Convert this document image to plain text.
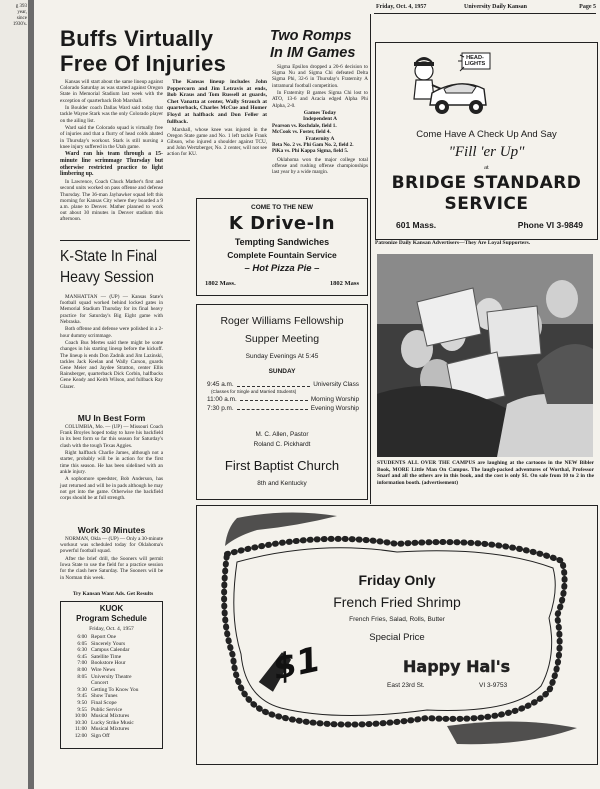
g 393
year,
since
1930's.
Friday, Oct. 4, 1957	University Daily Kansan	Page 5
Buffs Virtually
Free Of Injuries

Kansas will start about the same lineup against Colorado Saturday as was started against Oregon State in Memorial Stadium last week with the exception of quarterback Bob Marshall.

In Boulder coach Dallas Ward said today that tackle Wayne Stark was the only Colorado player on the ailing list.

Ward said the Colorado squad is virtually free of injuries and that a flurry of head colds abated in Thursday's workout. Stark is still nursing a knee injury suffered in the Utah game.

Ward ran his team through a 15-minute line scrimmage Thursday but otherwise restricted practice to light limbering up.

In Lawrence, Coach Chuck Mather's first and second units worked on pass offense and defense Thursday. The 36-man Jayhawker squad left this morning for Kansas City where they boarded a 9 a.m. plane to Denver. Mather planned to work out about 30 minutes in Denver stadium this afternoon.

The Kansas lineup includes John Peppercorn and Jim Letravis at ends, Bob Kraus and Tom Russell at guards, Chet Vanatta at center, Wally Strauch at quarterback, Charles McCue and Homer Floyd at halfback and Don Feller at fullback.

Marshall, whose knee was injured in the Oregon State game and No. 1 left tackle Frank Gibson, who injured a shoulder against TCU, and John Wertzberger, No. 2 center, will not see action for KU.

Two Romps
In IM Games

Sigma Epsilon dropped a 20-6 decision to Sigma Nu and Sigma Chi defeated Delta Sigma Phi, 32-6 in Thursday's Fraternity A intramural football competition.

In Fraternity B games Sigma Chi lost to ATO, 13-6 and Acacia edged Alpha Phi Alpha, 2-0.

Games Today
Independent A
Pearson vs. Rochdale, field 1.
McCook vs. Foster, field 4.
Fraternity A
Beta No. 2 vs. Phi Gam No. 2, field 2.
PiKa vs. Phi Kappa Sigma, field 5.

Oklahoma won the major college total offense and rushing offense championships last year by a wide margin.

COME TO THE NEW
K Drive-In
Tempting Sandwiches
Complete Fountain Service
– Hot Pizza Pie –
1802 Mass.	1802 Mass
Roger Williams Fellowship
Supper Meeting
Sunday Evenings At 5:45
SUNDAY
9:45 a.m.	University Class
(Classes for Single and Married Students)
11:00 a.m.	Morning Worship
7:30 p.m.	Evening Worship
M. C. Allen, Pastor
Roland C. Pickhardt
First Baptist Church
8th and Kentucky
K-State In Final
Heavy Session

MANHATTAN — (UP) — Kansas State's football squad worked behind locked gates in Memorial Stadium Thursday for its final heavy practice for Saturday's Big Eight game with Nebraska.

Both offense and defense were polished in a 2-hour dummy scrimmage.

Coach Bus Mertes said there might be some changes in his starting lineup before the kickoff. The lineup is ends Don Zadnik and Jim Lazinski, tackles Jack Keelan and Wally Carson, guards Gene Meier and Jaydee Stratton, center Ellis Rainsberger, quarterback Dick Corbin, halfbacks Gene Keady and Keith Wilson, and fullback Ray Glazer.

MU In Best Form

COLUMBIA, Mo. — (UP) — Missouri Coach Frank Broyles hoped today to have his backfield in its best form so far this season for Saturday's clash with the tough Texas Aggies.

Right halfback Charlie James, although not a starter, probably will be in action for the first time this season. He has been sidelined with an ankle injury.

A sophomore speedster, Bob Anderson, has just returned and will be in pads although he may not get into the game. Otherwise the backfield corps should be at full strength.

Work 30 Minutes

NORMAN, Okla — (UP) — Only a 30-minute workout was scheduled today for Oklahoma's powerful football squad.

After the brief drill, the Sooners will permit Iowa State to use the field for a practice session for the clash here Saturday. The Sooners will be in Norman this week.

Try Kansan Want Ads. Get Results
KUOK
Program Schedule
Friday, Oct. 4, 1957
6:00	Report One
6:05	Sincerely Yours
6:30	Campus Calendar
6:45	Satellite Time
7:00	Bookstore Hour
8:00	Wire News
8:05	University Theatre
	Concert
9:30	Getting To Know You
9:45	Show Tunes
9:50	Final Scope
9:55	Public Service
10:00	Musical Mixtures
10:30	Lucky Strike Music
11:00	Musical Mixtures
12:00	Sign Off
HEAD-LIGHTS
Come Have A Check Up And Say
"Fill 'er Up"
at
BRIDGE STANDARD
SERVICE
601 Mass.	Phone VI 3-9849
Patronize Daily Kansan Advertisers—They Are Loyal Supporters.
STUDENTS ALL OVER THE CAMPUS are laughing at the cartoons in the NEW Bibler Book, MORE Little Man On Campus. The laugh-packed adventures of Worthal, Professor Snarf and all the others are in this book, and the cost is only $1. On sale from 10 to 2 in the information booth. (advertisement)
Friday Only
French Fried Shrimp
French Fries, Salad, Rolls, Butter
Special Price
$1	Happy Hal's
East 23rd St.	VI 3-9753
